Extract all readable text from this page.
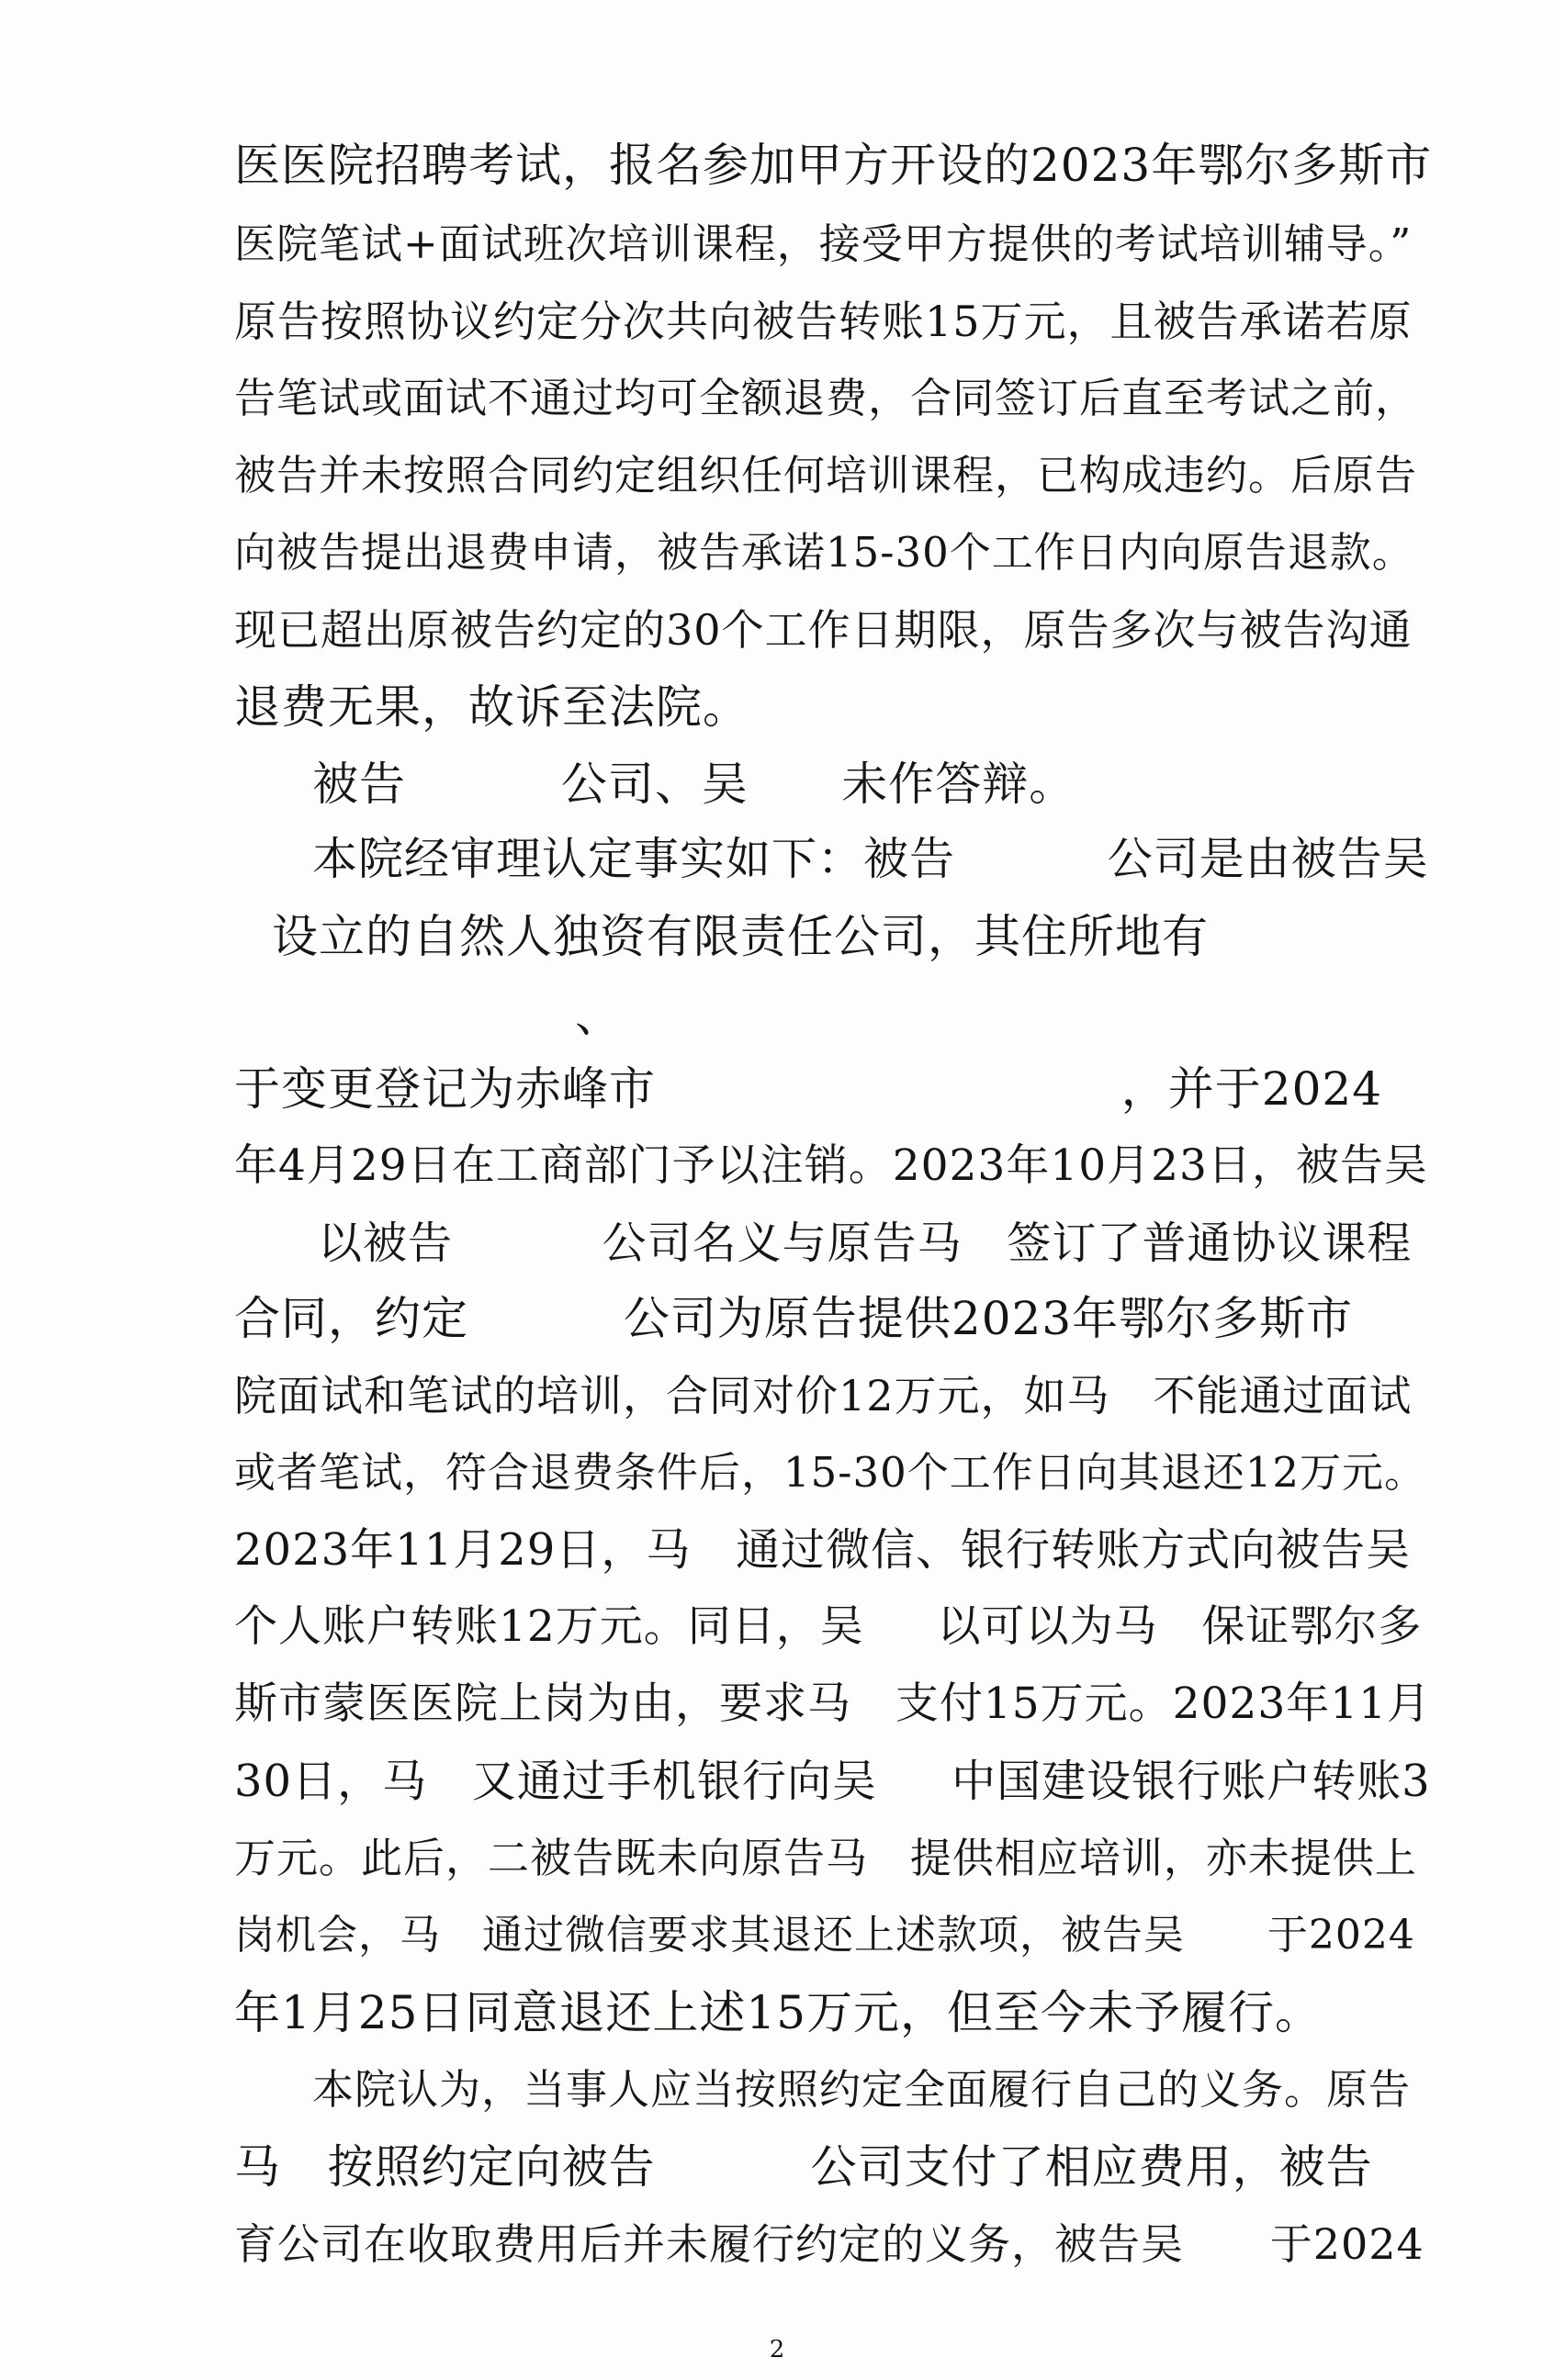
医医院招聘考试，报名参加甲方开设的2023年鄂尔多斯市
医院笔试+面试班次培训课程，接受甲方提供的考试培训辅导。”
原告按照协议约定分次共向被告转账15万元，且被告承诺若原
告笔试或面试不通过均可全额退费，合同签订后直至考试之前，
被告并未按照合同约定组织任何培训课程，已构成违约。后原告
向被告提出退费申请，被告承诺15-30个工作日内向原告退款。
现已超出原被告约定的30个工作日期限，原告多次与被告沟通
退费无果，故诉至法院。
被告          公司、吴      未作答辩。
本院经审理认定事实如下：被告          公司是由被告吴
设立的自然人独资有限责任公司，其住所地有
、
于变更登记为赤峰市                              ，并于2024
年4月29日在工商部门予以注销。2023年10月23日，被告吴
以被告          公司名义与原告马   签订了普通协议课程
合同，约定          公司为原告提供2023年鄂尔多斯市
院面试和笔试的培训，合同对价12万元，如马   不能通过面试
或者笔试，符合退费条件后，15-30个工作日向其退还12万元。
2023年11月29日，马   通过微信、银行转账方式向被告吴
个人账户转账12万元。同日，吴     以可以为马   保证鄂尔多
斯市蒙医医院上岗为由，要求马   支付15万元。2023年11月
30日，马   又通过手机银行向吴     中国建设银行账户转账3
万元。此后，二被告既未向原告马   提供相应培训，亦未提供上
岗机会，马   通过微信要求其退还上述款项，被告吴      于2024
年1月25日同意退还上述15万元，但至今未予履行。
本院认为，当事人应当按照约定全面履行自己的义务。原告
马   按照约定向被告          公司支付了相应费用，被告
育公司在收取费用后并未履行约定的义务，被告吴      于2024
2
